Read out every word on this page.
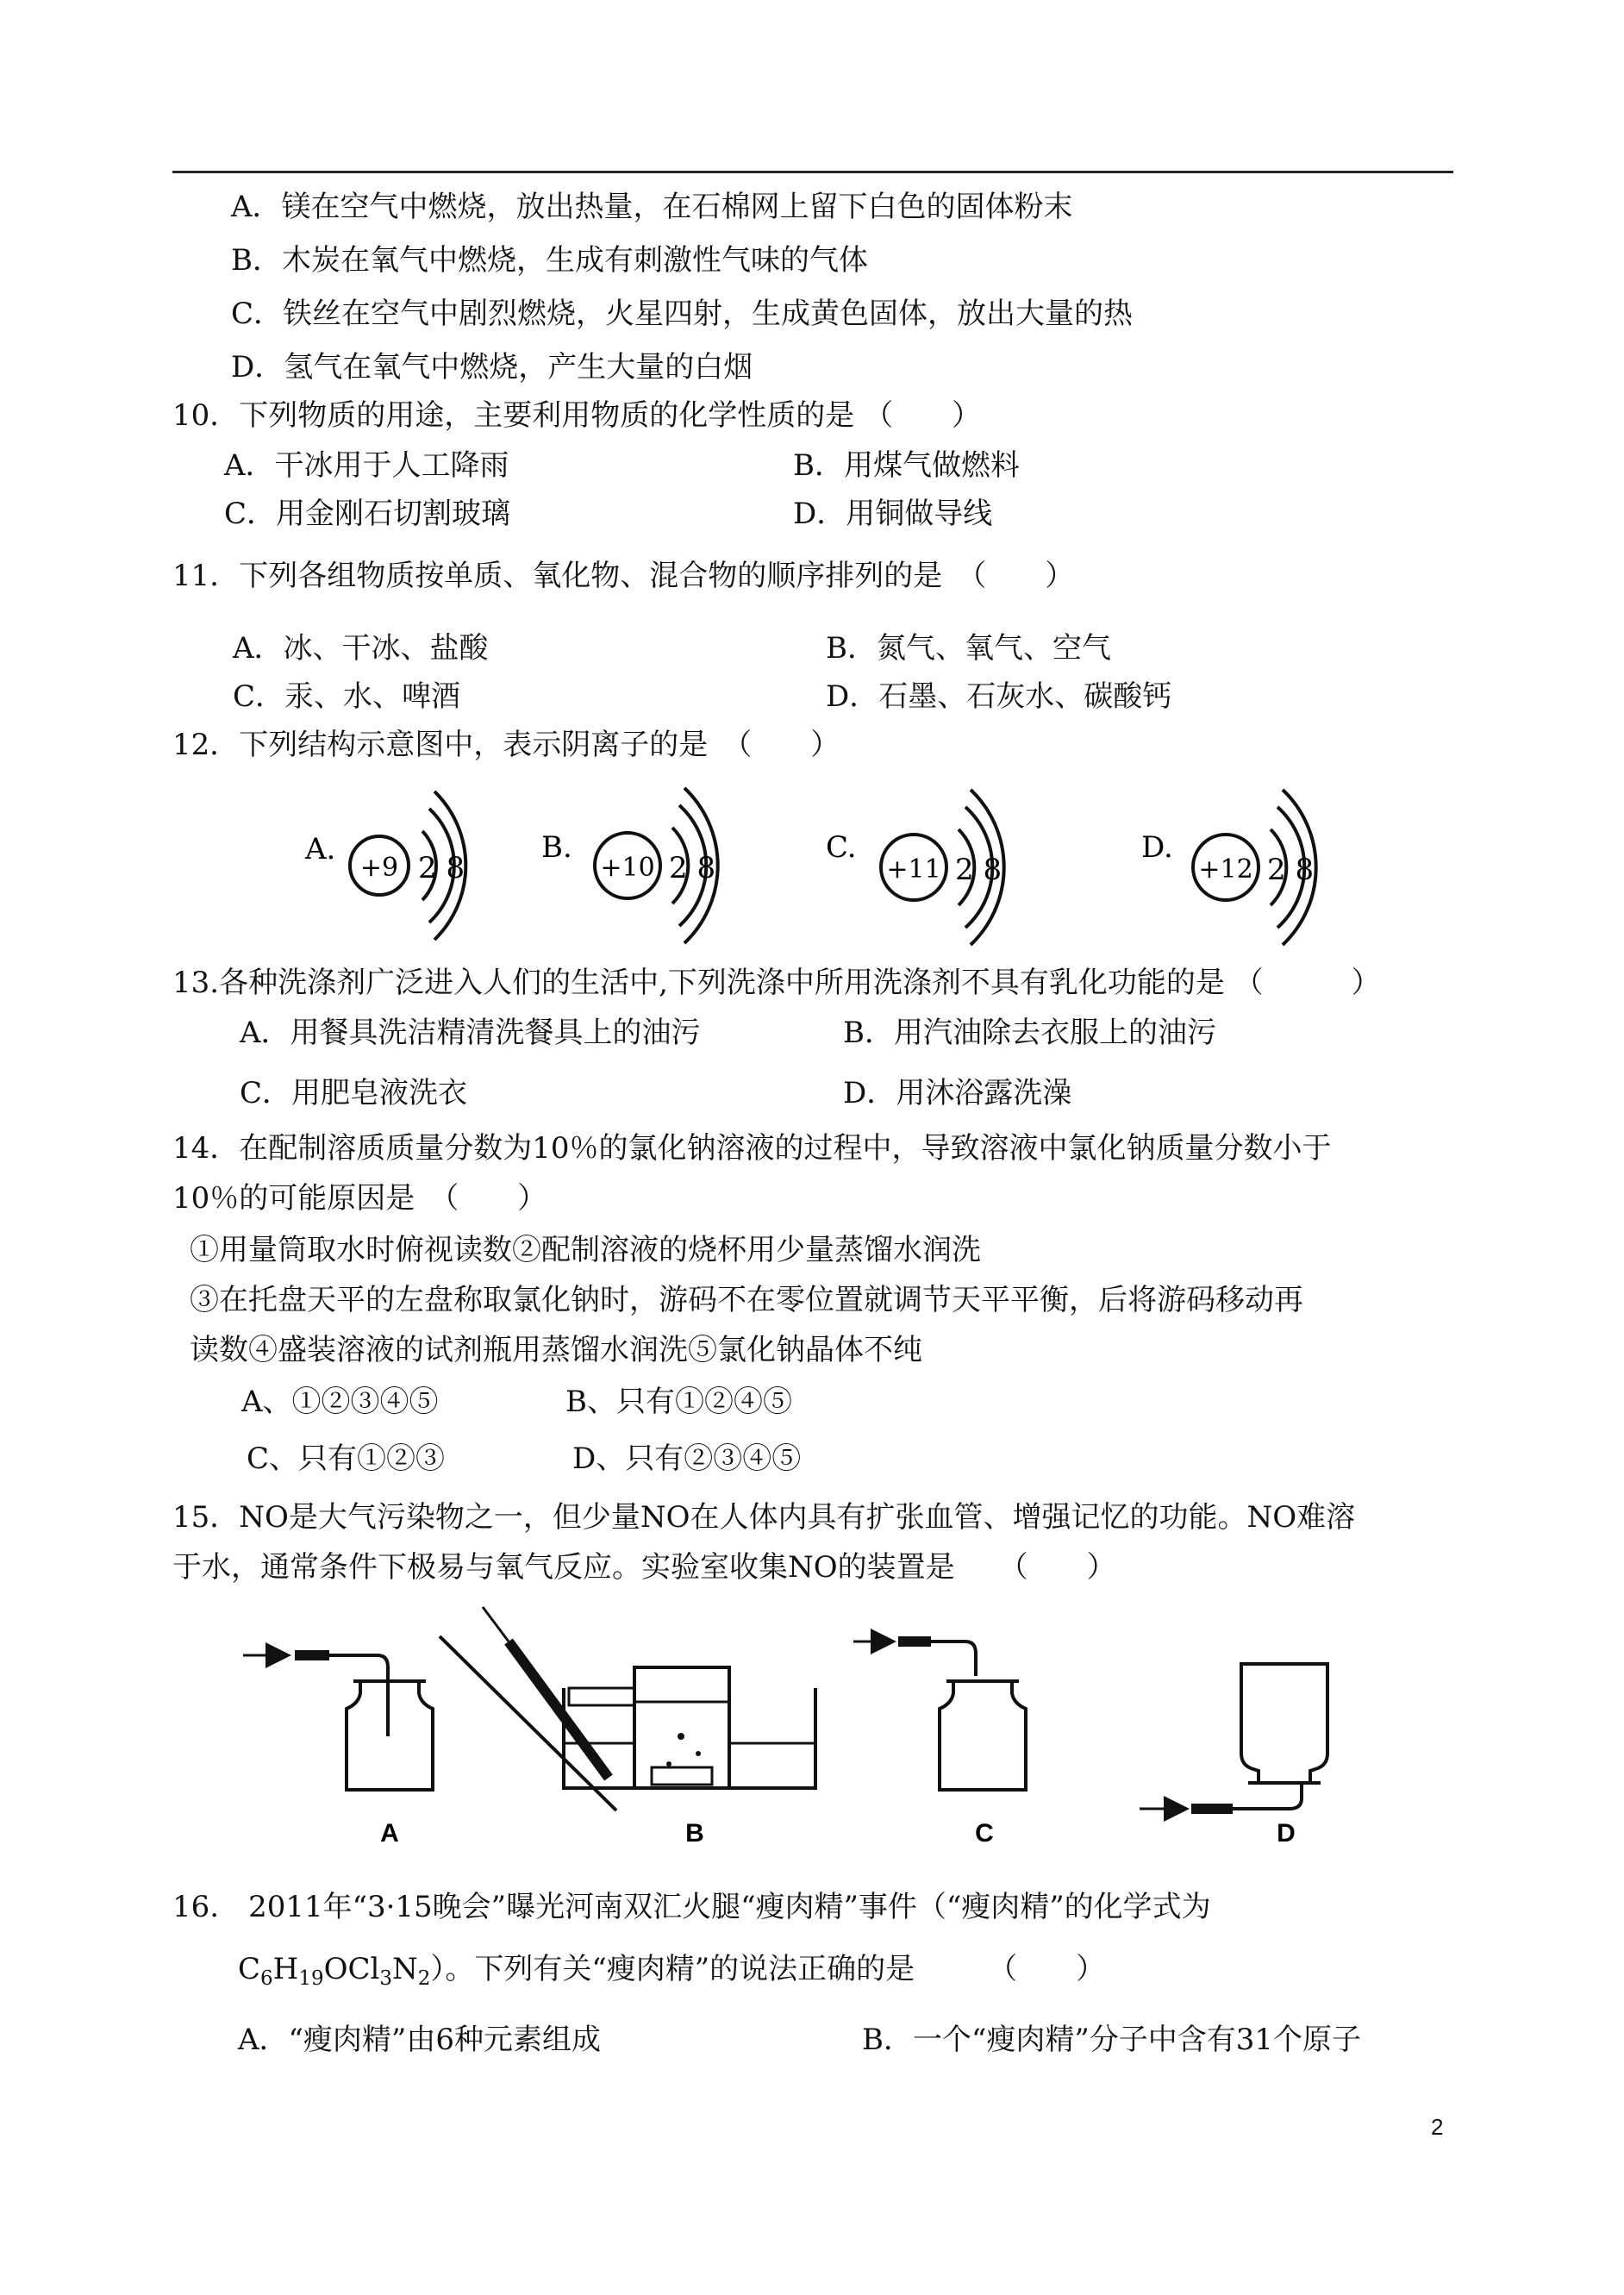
A．镁在空气中燃烧，放出热量，在石棉网上留下白色的固体粉末
B．木炭在氧气中燃烧，生成有刺激性气味的气体
C．铁丝在空气中剧烈燃烧，火星四射，生成黄色固体，放出大量的热
D．氢气在氧气中燃烧，产生大量的白烟
10．下列物质的用途，主要利用物质的化学性质的是 （　　）
A．干冰用于人工降雨	B．用煤气做燃料
C．用金刚石切割玻璃	D．用铜做导线
11．下列各组物质按单质、氧化物、混合物的顺序排列的是　（　　）
A．冰、干冰、盐酸	B．氮气、氧气、空气
C．汞、水、啤酒	D．石墨、石灰水、碳酸钙
12．下列结构示意图中，表示阴离子的是　（　　）
A.
+9 2 8
B.
+10 2 8
C.
+11 2 8
D.
+12 2 8
13.各种洗涤剂广泛进入人们的生活中,下列洗涤中所用洗涤剂不具有乳化功能的是 （　　　）
A．用餐具洗洁精清洗餐具上的油污	B．用汽油除去衣服上的油污
C．用肥皂液洗衣	D．用沐浴露洗澡
14．在配制溶质质量分数为10％的氯化钠溶液的过程中，导致溶液中氯化钠质量分数小于
10％的可能原因是　（　　）
①用量筒取水时俯视读数②配制溶液的烧杯用少量蒸馏水润洗
③在托盘天平的左盘称取氯化钠时，游码不在零位置就调节天平平衡，后将游码移动再
读数④盛装溶液的试剂瓶用蒸馏水润洗⑤氯化钠晶体不纯
A、①②③④⑤	B、只有①②④⑤
C、只有①②③	D、只有②③④⑤
15．NO是大气污染物之一，但少量NO在人体内具有扩张血管、增强记忆的功能。NO难溶
于水，通常条件下极易与氧气反应。实验室收集NO的装置是　　（　　）
A	B	C	D
16.　2011年“3·15晚会”曝光河南双汇火腿“瘦肉精”事件（“瘦肉精”的化学式为
$C_6H_{19}OCl_3N_2$）。下列有关“瘦肉精”的说法正确的是　　　（　　）
A．“瘦肉精”由6种元素组成	B．一个“瘦肉精”分子中含有31个原子
2
